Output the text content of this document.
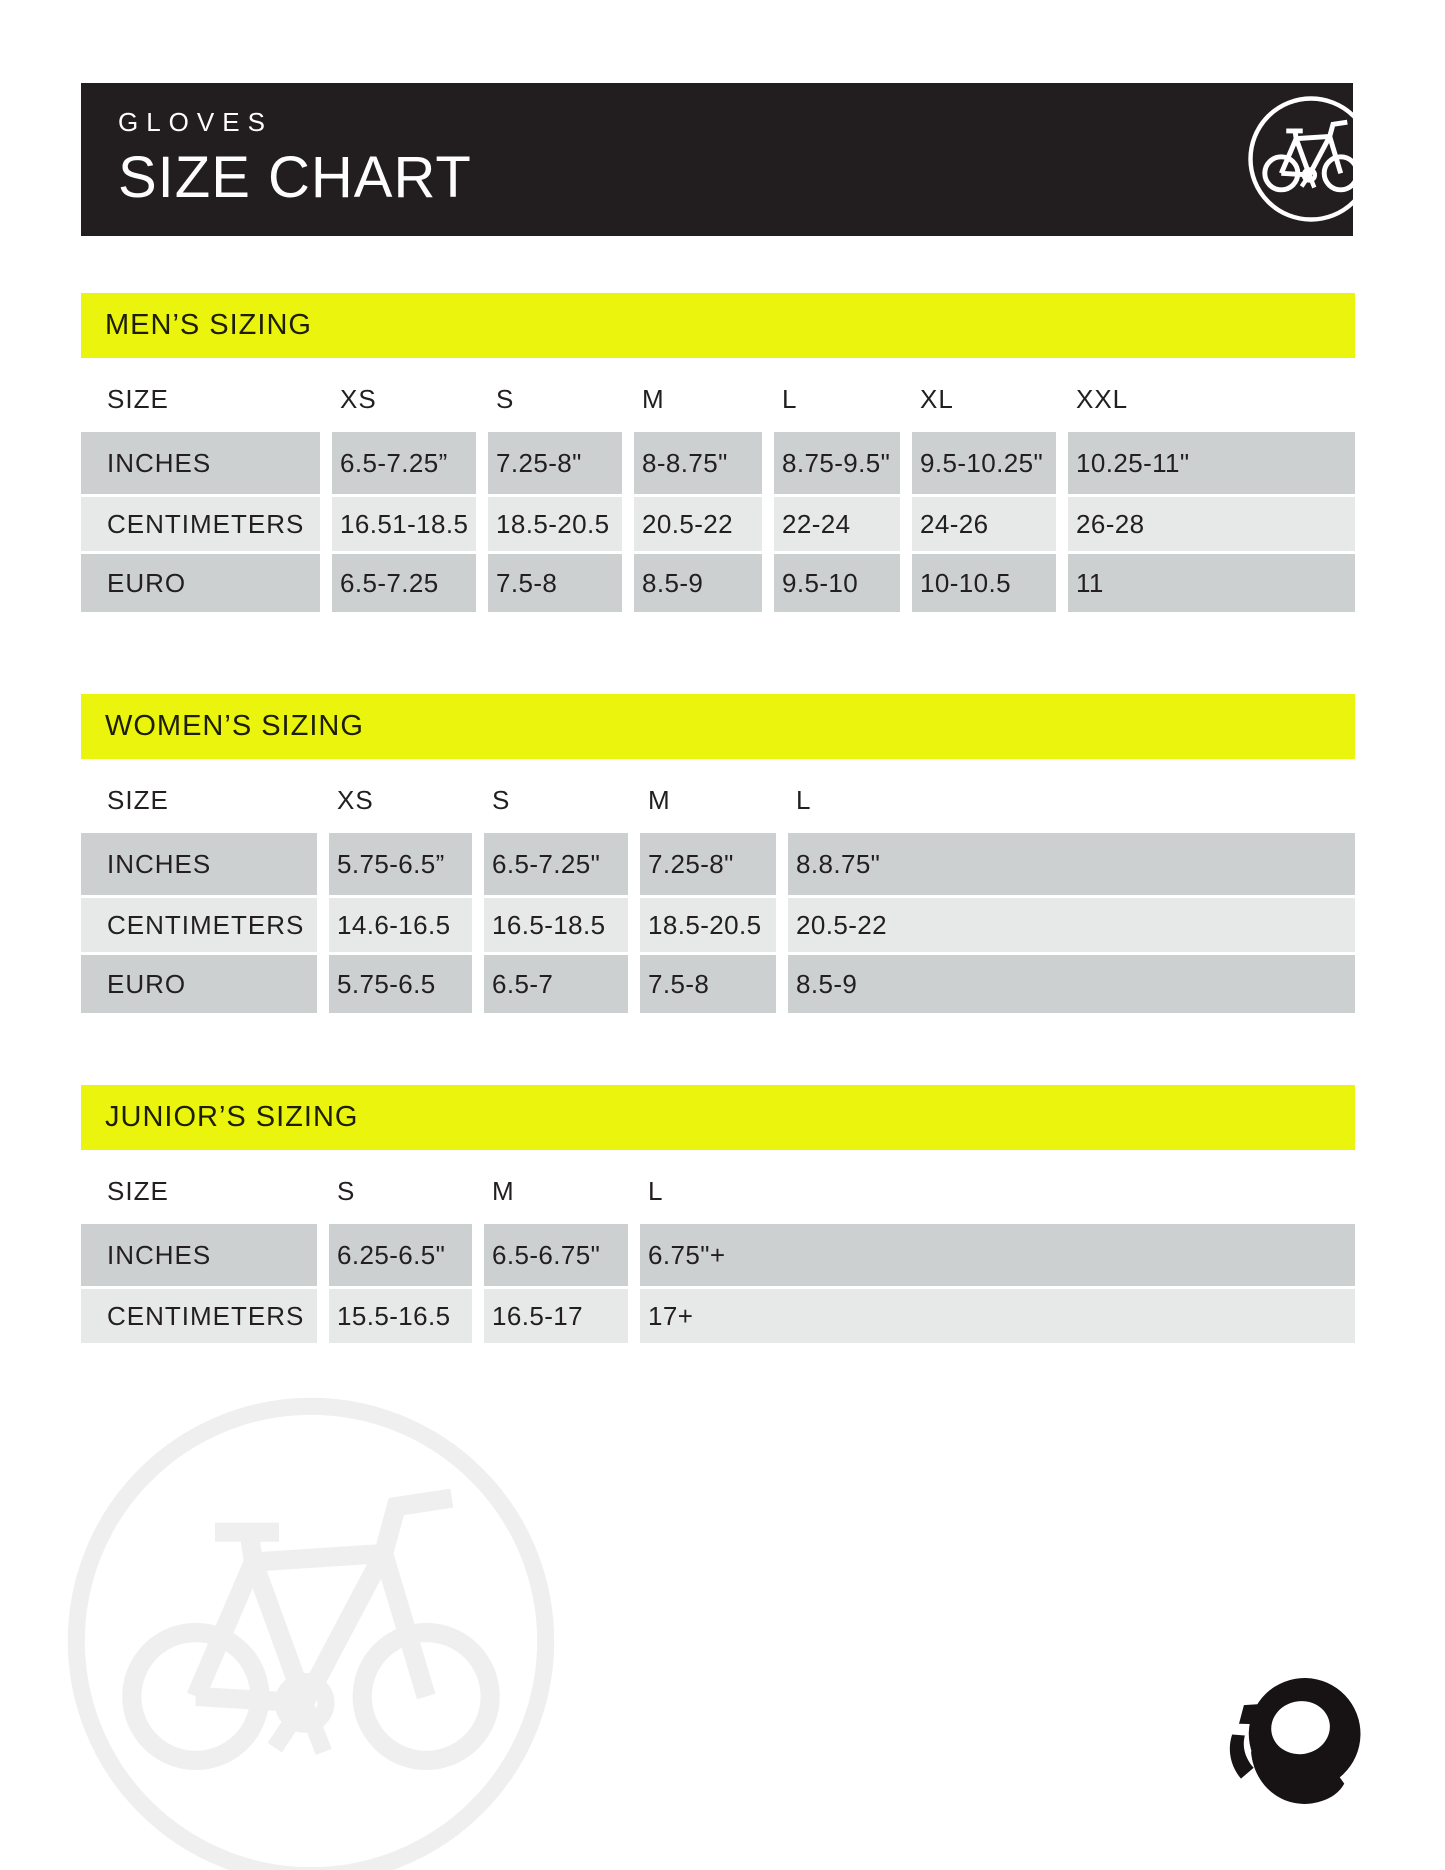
GLOVES
SIZE CHART
MEN’S SIZING
SIZE	XS	S	M	L	XL	XXL
INCHES	6.5-7.25”	7.25-8"	8-8.75"	8.75-9.5"	9.5-10.25"	10.25-11"
CENTIMETERS	16.51-18.5	18.5-20.5	20.5-22	22-24	24-26	26-28
EURO	6.5-7.25	7.5-8	8.5-9	9.5-10	10-10.5	11
WOMEN’S SIZING
SIZE	XS	S	M	L
INCHES	5.75-6.5”	6.5-7.25"	7.25-8"	8.8.75"
CENTIMETERS	14.6-16.5	16.5-18.5	18.5-20.5	20.5-22
EURO	5.75-6.5	6.5-7	7.5-8	8.5-9
JUNIOR’S SIZING
SIZE	S	M	L
INCHES	6.25-6.5"	6.5-6.75"	6.75"+
CENTIMETERS	15.5-16.5	16.5-17	17+
